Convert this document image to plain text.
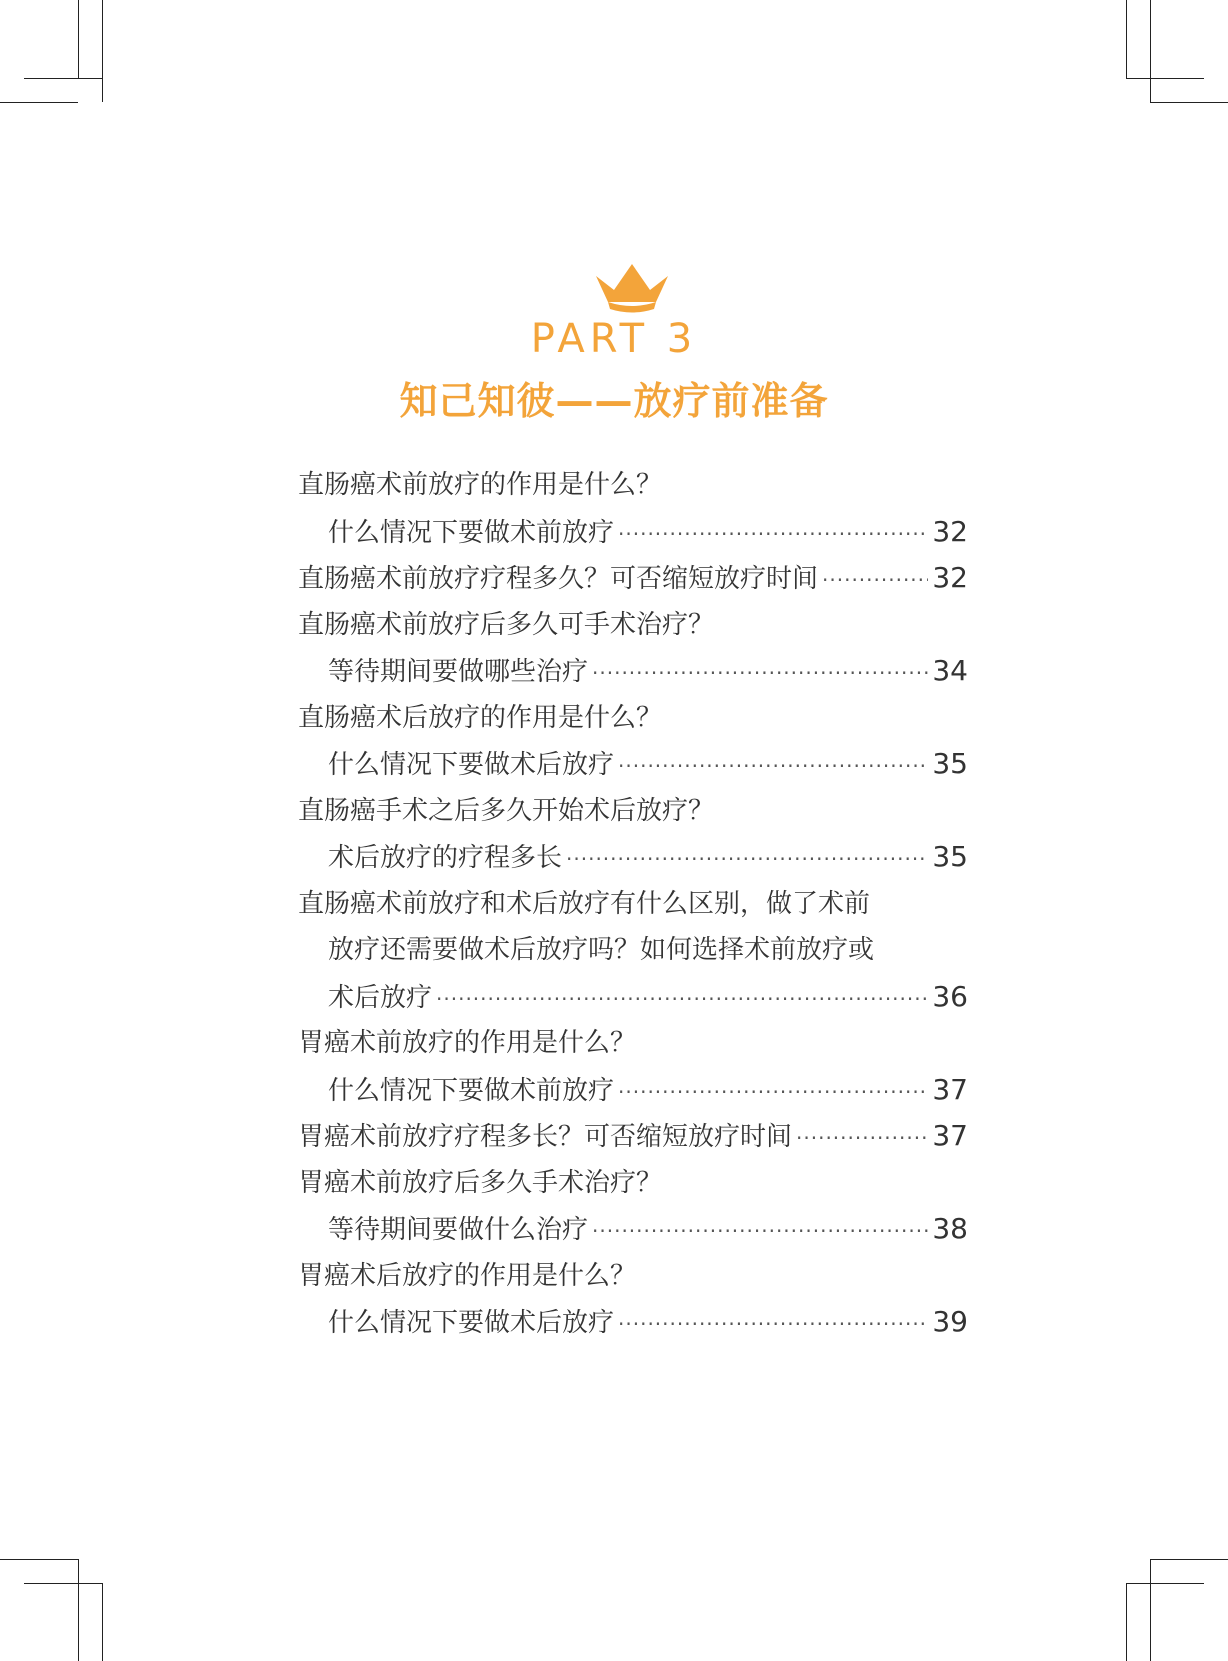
PART 3
知己知彼——放疗前准备
直肠癌术前放疗的作用是什么？
什么情况下要做术前放疗 ·····	32
直肠癌术前放疗疗程多久？可否缩短放疗时间 ·····	32
直肠癌术前放疗后多久可手术治疗？
等待期间要做哪些治疗 ·····	34
直肠癌术后放疗的作用是什么？
什么情况下要做术后放疗 ·····	35
直肠癌手术之后多久开始术后放疗？
术后放疗的疗程多长 ·····	35
直肠癌术前放疗和术后放疗有什么区别，做了术前
放疗还需要做术后放疗吗？如何选择术前放疗或
术后放疗 ·····	36
胃癌术前放疗的作用是什么？
什么情况下要做术前放疗 ·····	37
胃癌术前放疗疗程多长？可否缩短放疗时间 ·····	37
胃癌术前放疗后多久手术治疗？
等待期间要做什么治疗 ·····	38
胃癌术后放疗的作用是什么？
什么情况下要做术后放疗 ·····	39
